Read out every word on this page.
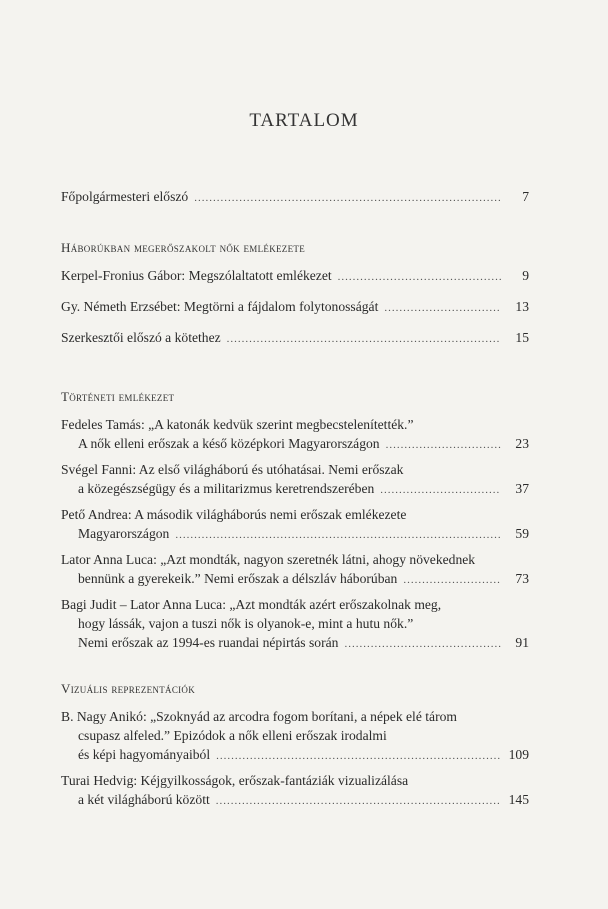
TARTALOM
Főpolgármesteri előszó .....	7
Háborúkban megerőszakolt nők emlékezete
Kerpel-Fronius Gábor: Megszólaltatott emlékezet .....	9
Gy. Németh Erzsébet: Megtörni a fájdalom folytonosságát .....	13
Szerkesztői előszó a kötethez .....	15
Történeti emlékezet
Fedeles Tamás: „A katonák kedvük szerint megbecstelenítették.”
A nők elleni erőszak a késő középkori Magyarországon .....	23
Svégel Fanni: Az első világháború és utóhatásai. Nemi erőszak
a közegészségügy és a militarizmus keretrendszerében .....	37
Pető Andrea: A második világháborús nemi erőszak emlékezete
Magyarországon .....	59
Lator Anna Luca: „Azt mondták, nagyon szeretnék látni, ahogy növekednek
bennünk a gyerekeik.” Nemi erőszak a délszláv háborúban .....	73
Bagi Judit – Lator Anna Luca: „Azt mondták azért erőszakolnak meg,
hogy lássák, vajon a tuszi nők is olyanok-e, mint a hutu nők.”
Nemi erőszak az 1994-es ruandai népirtás során .....	91
Vizuális reprezentációk
B. Nagy Anikó: „Szoknyád az arcodra fogom borítani, a népek elé tárom
csupasz alfeled.” Epizódok a nők elleni erőszak irodalmi
és képi hagyományaiból .....	109
Turai Hedvig: Kéjgyilkosságok, erőszak-fantáziák vizualizálása
a két világháború között .....	145
